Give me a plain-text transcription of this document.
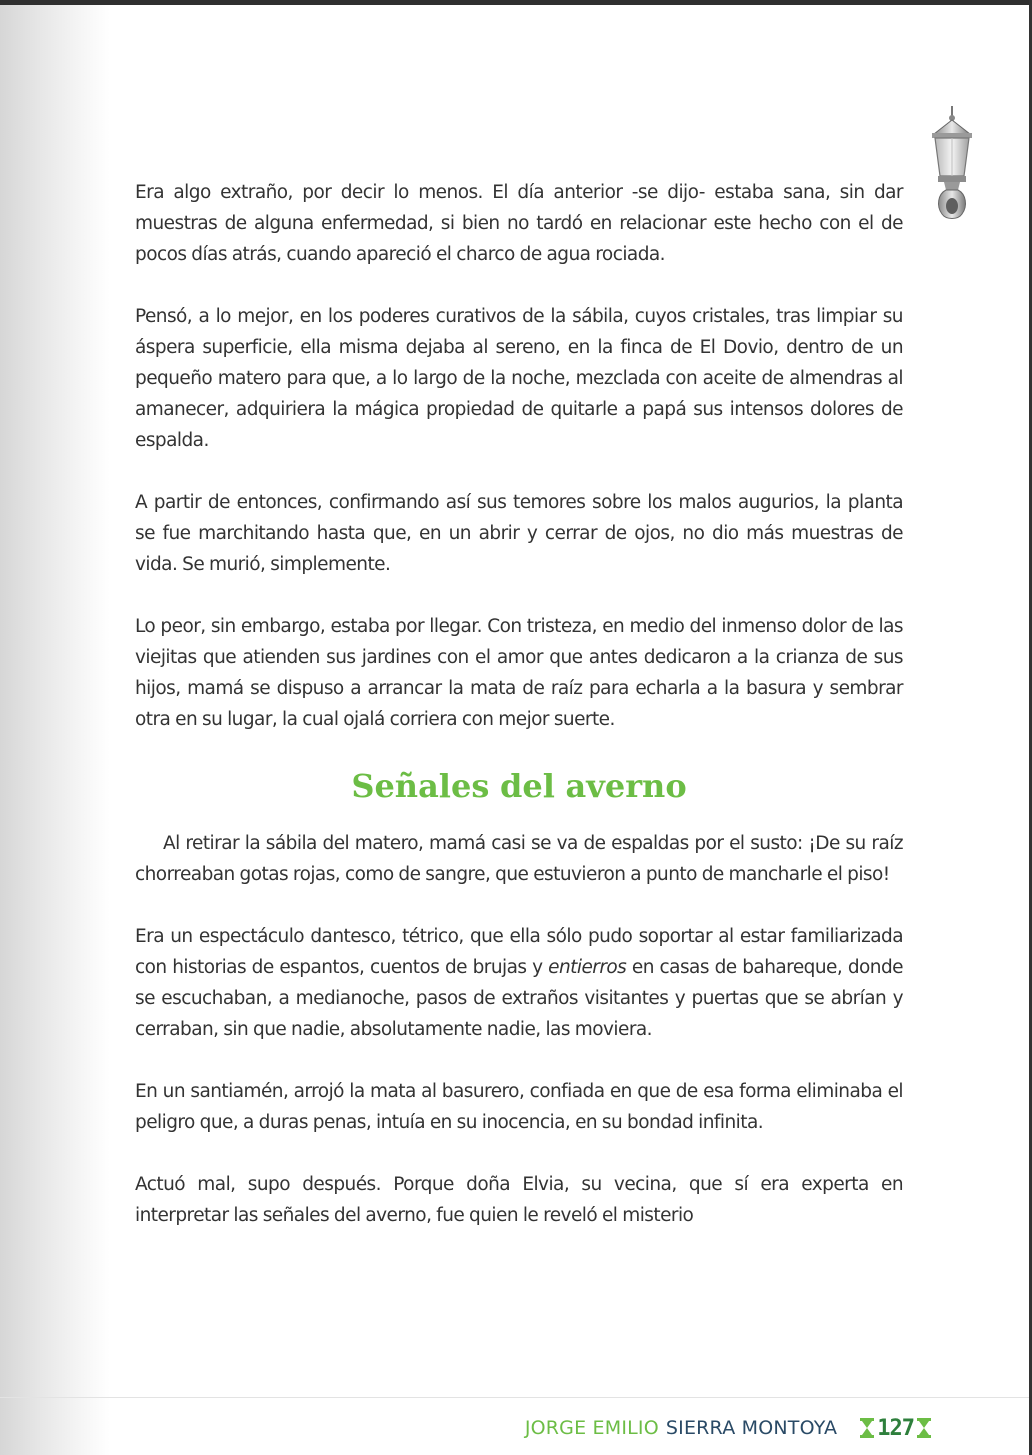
Era algo extraño, por decir lo menos. El día anterior -se dijo- estaba sana, sin dar muestras de alguna enfermedad, si bien no tardó en relacionar este hecho con el de pocos días atrás, cuando apareció el charco de agua rociada.

Pensó, a lo mejor, en los poderes curativos de la sábila, cuyos cristales, tras limpiar su áspera superficie, ella misma dejaba al sereno, en la finca de El Dovio, dentro de un pequeño matero para que, a lo largo de la noche, mezclada con aceite de almendras al amanecer, adquiriera la mágica propiedad de quitarle a papá sus intensos dolores de espalda.

A partir de entonces, confirmando así sus temores sobre los malos augurios, la planta se fue marchitando hasta que, en un abrir y cerrar de ojos, no dio más muestras de vida. Se murió, simplemente.

Lo peor, sin embargo, estaba por llegar. Con tristeza, en medio del inmenso dolor de las viejitas que atienden sus jardines con el amor que antes dedicaron a la crianza de sus hijos, mamá se dispuso a arrancar la mata de raíz para echarla a la basura y sembrar otra en su lugar, la cual ojalá corriera con mejor suerte.

Señales del averno

Al retirar la sábila del matero, mamá casi se va de espaldas por el susto: ¡De su raíz chorreaban gotas rojas, como de sangre, que estuvieron a punto de mancharle el piso!

Era un espectáculo dantesco, tétrico, que ella sólo pudo soportar al estar familiarizada con historias de espantos, cuentos de brujas y entierros en casas de bahareque, donde se escuchaban, a medianoche, pasos de extraños visitantes y puertas que se abrían y cerraban, sin que nadie, absolutamente nadie, las moviera.

En un santiamén, arrojó la mata al basurero, confiada en que de esa forma eliminaba el peligro que, a duras penas, intuía en su inocencia, en su bondad infinita.

Actuó mal, supo después. Porque doña Elvia, su vecina, que sí era experta en interpretar las señales del averno, fue quien le reveló el misterio

JORGE EMILIO SIERRA MONTOYA 127
